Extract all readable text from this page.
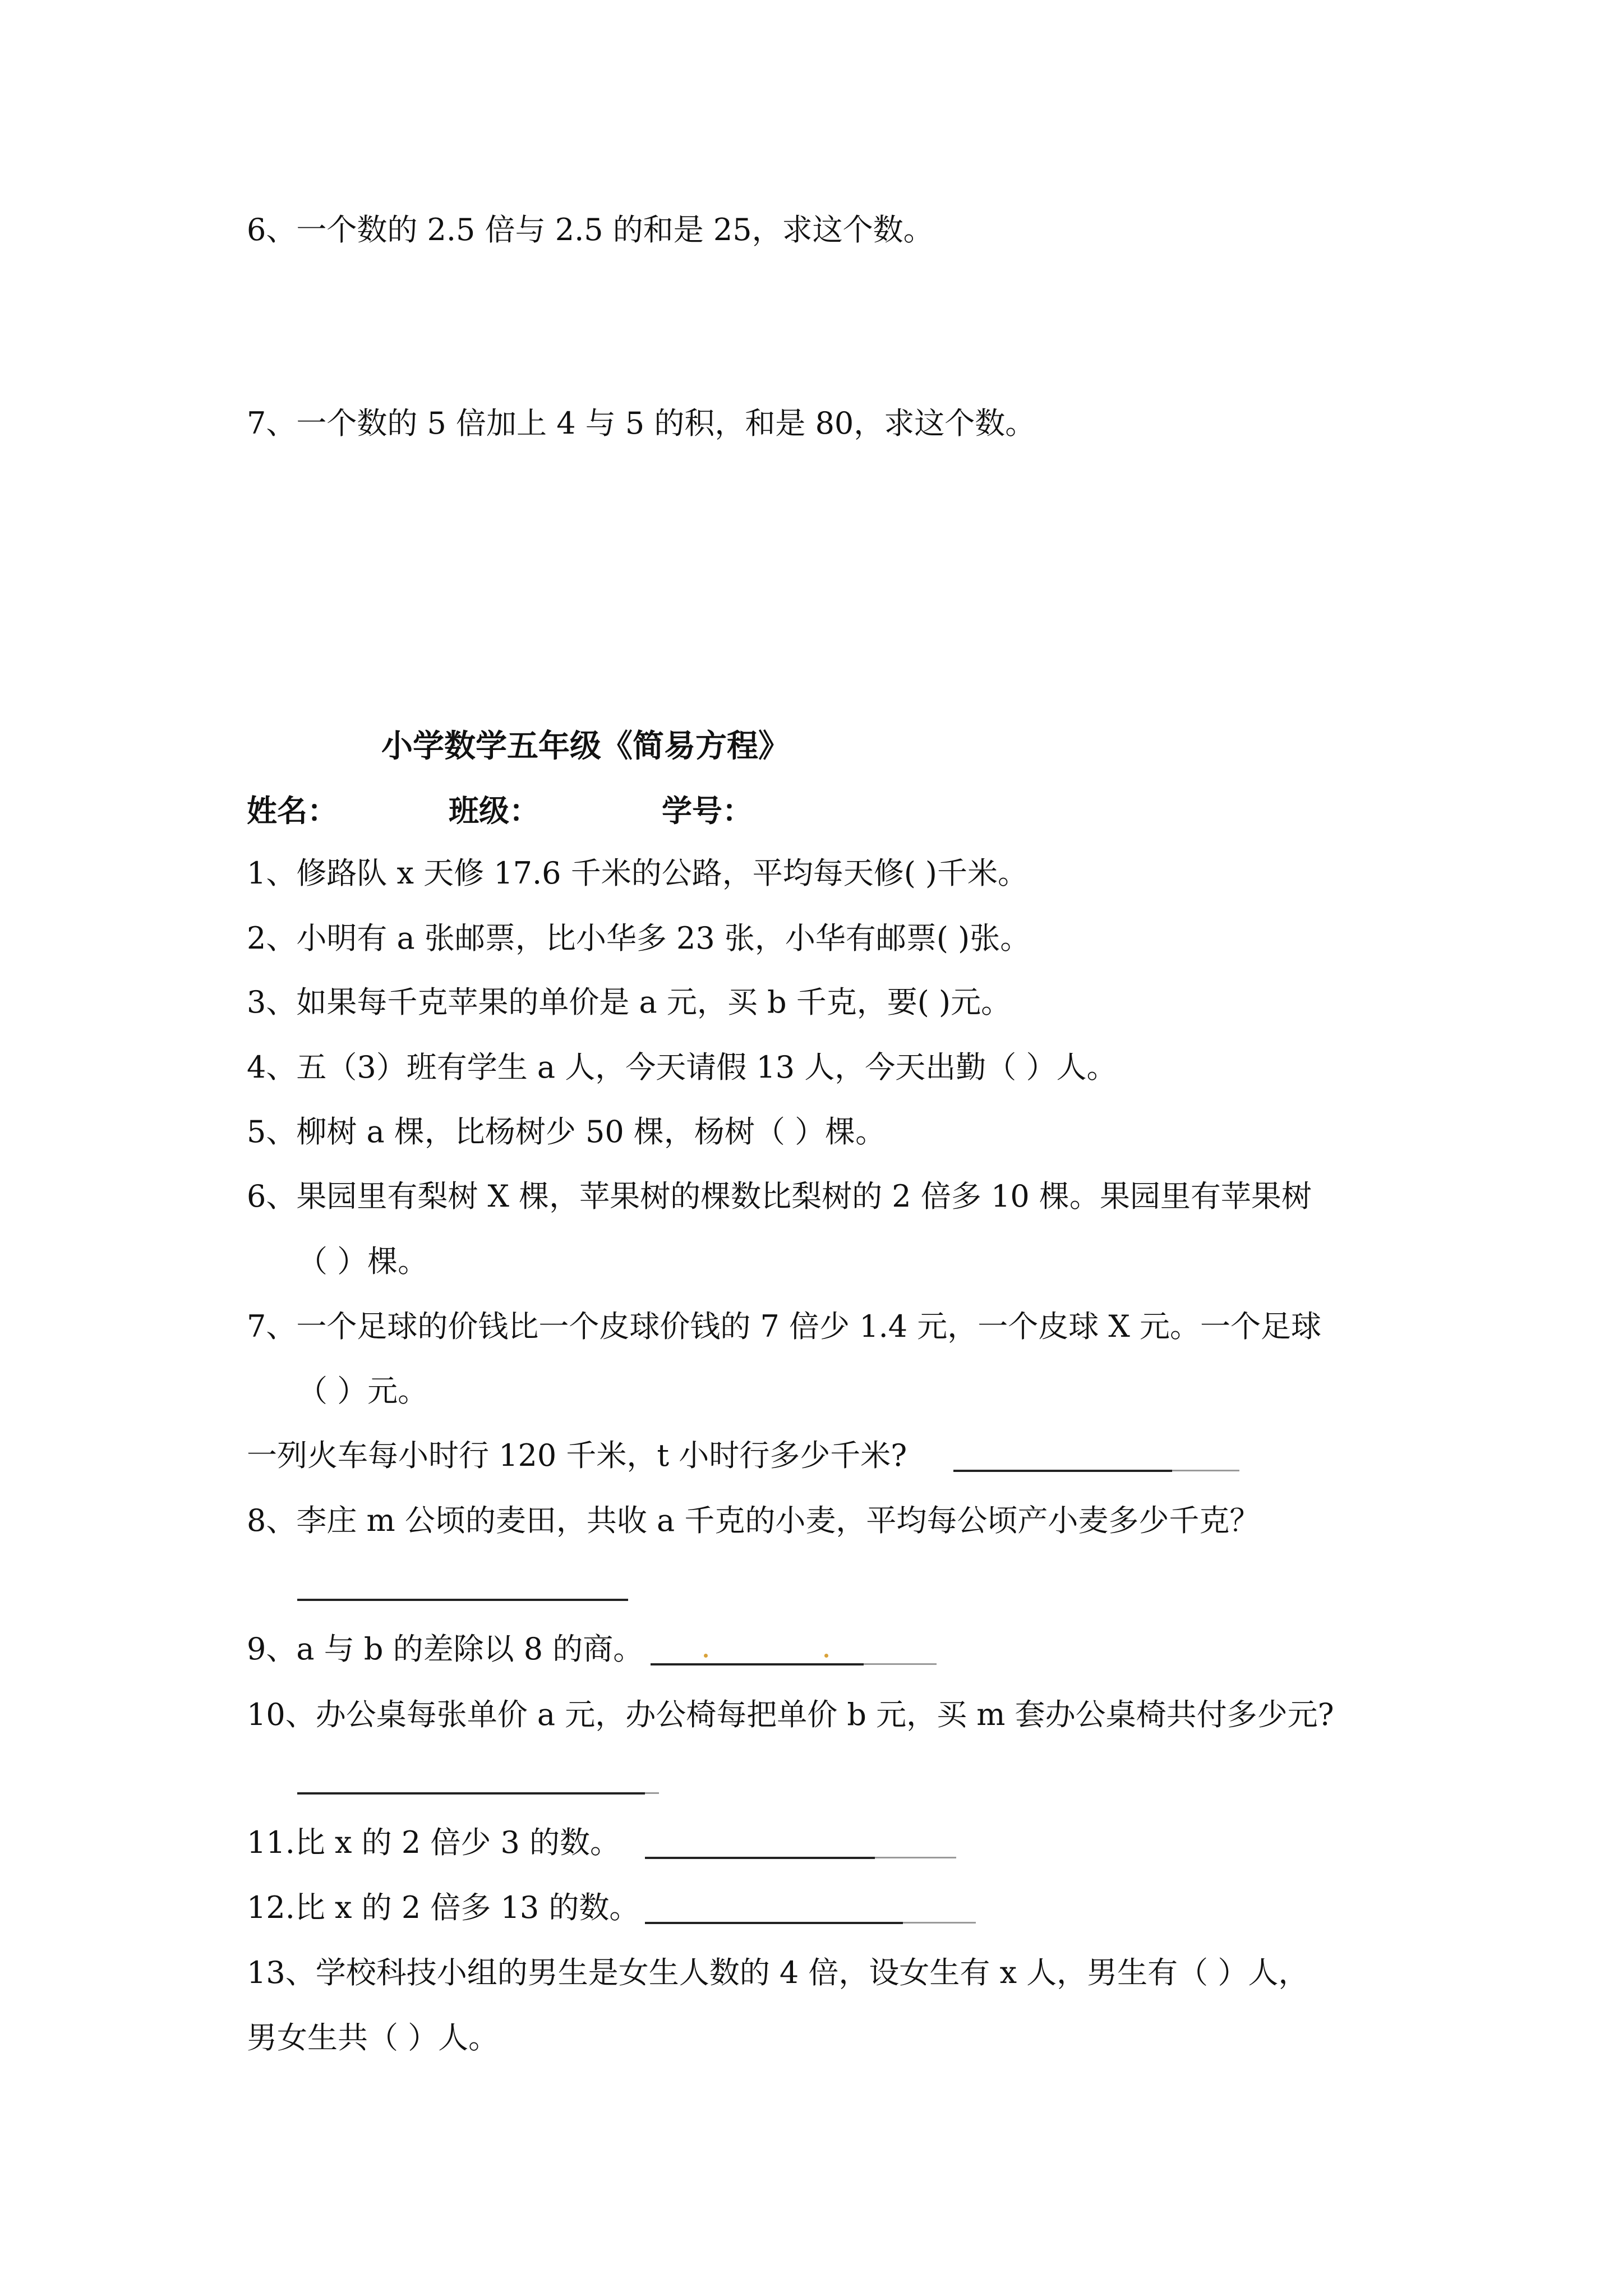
6、一个数的 2.5 倍与 2.5 的和是 25，求这个数。
7、一个数的 5 倍加上 4 与 5 的积，和是 80，求这个数。
小学数学五年级《简易方程》
姓名：	班级：	学号：
1、修路队 x 天修 17.6 千米的公路，平均每天修( )千米。
2、小明有 a 张邮票，比小华多 23 张，小华有邮票( )张。
3、如果每千克苹果的单价是 a 元，买 b 千克，要( )元。
4、五（3）班有学生 a 人，今天请假 13 人，今天出勤（ ）人。
5、柳树 a 棵，比杨树少 50 棵，杨树（ ）棵。
6、果园里有梨树 X 棵，苹果树的棵数比梨树的 2 倍多 10 棵。果园里有苹果树
（ ）棵。
7、一个足球的价钱比一个皮球价钱的 7 倍少 1.4 元，一个皮球 X 元。一个足球
（ ）元。
一列火车每小时行 120 千米，t 小时行多少千米?
8、李庄 m 公顷的麦田，共收 a 千克的小麦，平均每公顷产小麦多少千克？
9、a 与 b 的差除以 8 的商。
10、办公桌每张单价 a 元，办公椅每把单价 b 元，买 m 套办公桌椅共付多少元?
11.比 x 的 2 倍少 3 的数。
12.比 x 的 2 倍多 13 的数。
13、学校科技小组的男生是女生人数的 4 倍，设女生有 x 人，男生有（ ）人，
男女生共（ ）人。
